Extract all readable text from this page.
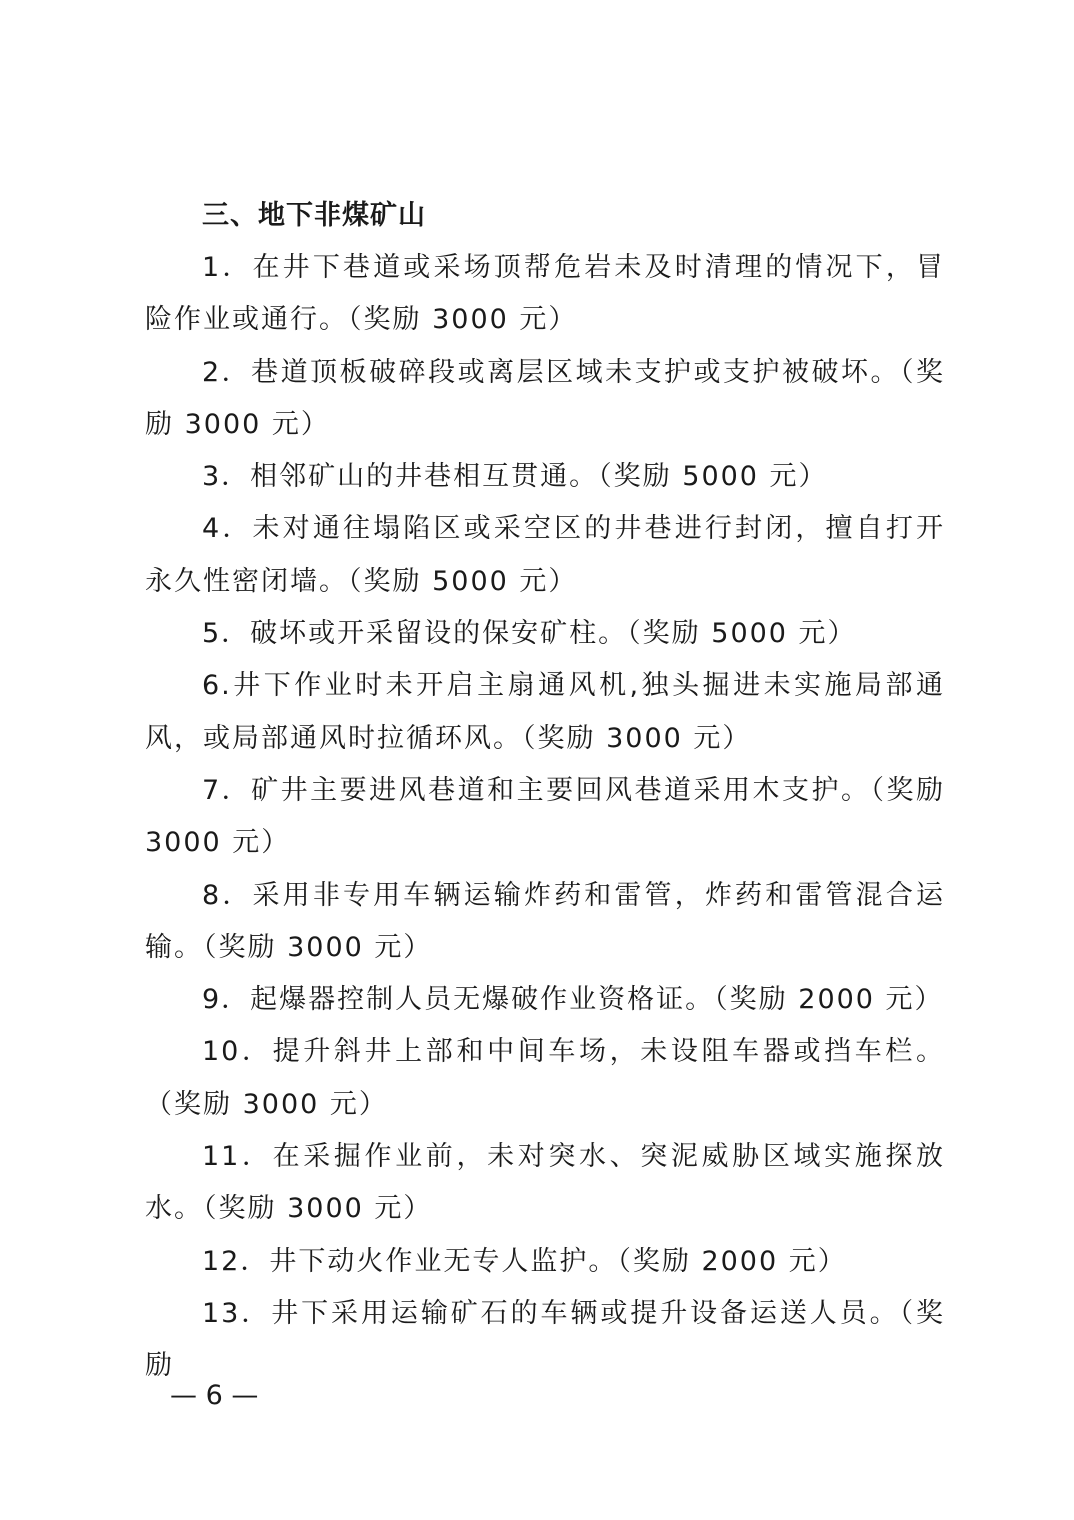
三、地下非煤矿山

1．在井下巷道或采场顶帮危岩未及时清理的情况下，冒险作业或通行。（奖励 3000 元）

2．巷道顶板破碎段或离层区域未支护或支护被破坏。（奖励 3000 元）

3．相邻矿山的井巷相互贯通。（奖励 5000 元）

4．未对通往塌陷区或采空区的井巷进行封闭，擅自打开永久性密闭墙。（奖励 5000 元）

5．破坏或开采留设的保安矿柱。（奖励 5000 元）

6.井下作业时未开启主扇通风机,独头掘进未实施局部通风，或局部通风时拉循环风。（奖励 3000 元）

7．矿井主要进风巷道和主要回风巷道采用木支护。（奖励 3000 元）

8．采用非专用车辆运输炸药和雷管，炸药和雷管混合运输。（奖励 3000 元）

9．起爆器控制人员无爆破作业资格证。（奖励 2000 元）

10．提升斜井上部和中间车场，未设阻车器或挡车栏。（奖励 3000 元）

11．在采掘作业前，未对突水、突泥威胁区域实施探放水。（奖励 3000 元）

12．井下动火作业无专人监护。（奖励 2000 元）

13．井下采用运输矿石的车辆或提升设备运送人员。（奖励

— 6 —
